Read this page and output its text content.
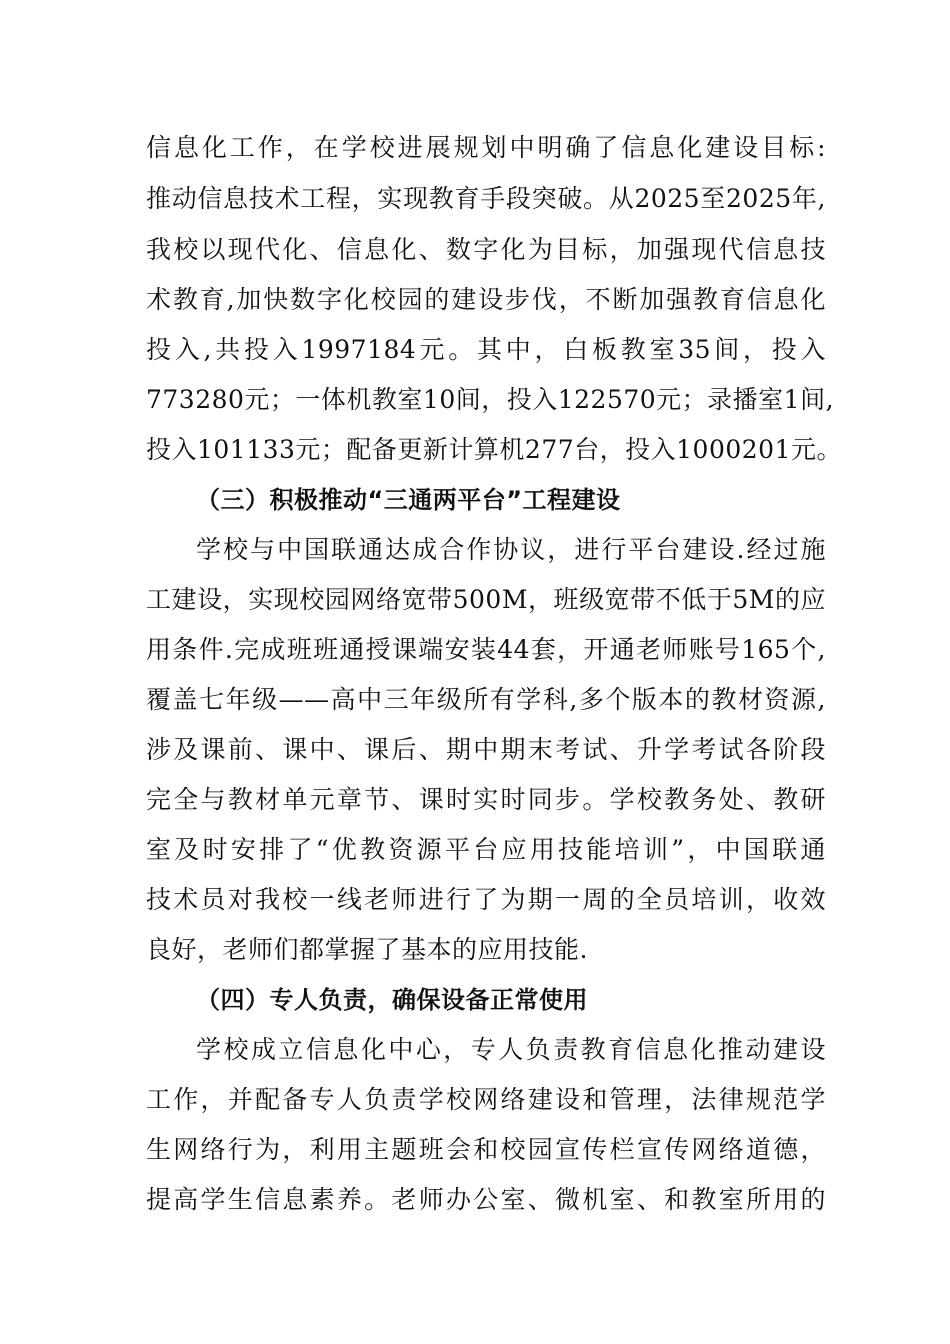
信息化工作，在学校进展规划中明确了信息化建设目标:
推动信息技术工程，实现教育手段突破。从2025至2025年,
我校以现代化、信息化、数字化为目标，加强现代信息技
术教育,加快数字化校园的建设步伐，不断加强教育信息化
投入,共投入1997184元。其中，白板教室35间，投入
773280元；一体机教室10间，投入122570元；录播室1间,
投入101133元；配备更新计算机277台，投入1000201元。
（三）积极推动“三通两平台”工程建设
学校与中国联通达成合作协议，进行平台建设.经过施
工建设，实现校园网络宽带500M，班级宽带不低于5M的应
用条件.完成班班通授课端安装44套，开通老师账号165个,
覆盖七年级——高中三年级所有学科,多个版本的教材资源,
涉及课前、课中、课后、期中期末考试、升学考试各阶段
完全与教材单元章节、课时实时同步。学校教务处、教研
室及时安排了“优教资源平台应用技能培训”，中国联通
技术员对我校一线老师进行了为期一周的全员培训，收效
良好，老师们都掌握了基本的应用技能.
（四）专人负责，确保设备正常使用
学校成立信息化中心，专人负责教育信息化推动建设
工作，并配备专人负责学校网络建设和管理，法律规范学
生网络行为，利用主题班会和校园宣传栏宣传网络道德，
提高学生信息素养。老师办公室、微机室、和教室所用的
